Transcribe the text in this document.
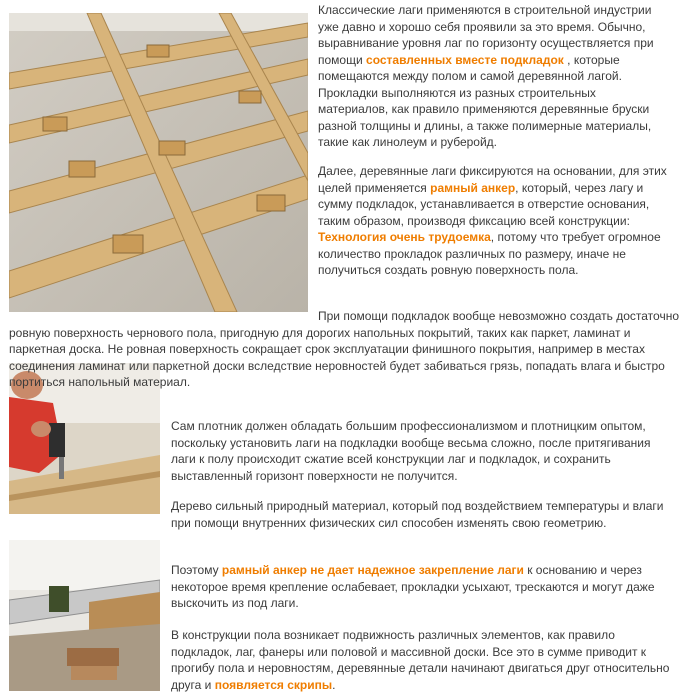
Классические лаги применяются в строительной индустрии уже давно и хорошо себя проявили за это время. Обычно, выравнивание уровня лаг по горизонту осуществляется при помощи составленных вместе подкладок , которые помещаются между полом и самой деревянной лагой. Прокладки выполняются из разных строительных материалов, как правило применяются деревянные бруски разной толщины и длины, а также полимерные материалы, такие как линолеум и руберойд.

Далее, деревянные лаги фиксируются на основании, для этих целей применяется рамный анкер, который, через лагу и сумму подкладок, устанавливается в отверстие основания, таким образом, производя фиксацию всей конструкции: Технология очень трудоемка, потому что требует огромное количество прокладок различных по размеру, иначе не получиться создать ровную поверхность пола.

При помощи подкладок вообще невозможно создать достаточно ровную поверхность чернового пола, пригодную для дорогих напольных покрытий, таких как паркет, ламинат и паркетная доска. Не ровная поверхность сокращает срок эксплуатации финишного покрытия, например в местах соединения ламинат или паркетной доски вследствие неровностей будет забиваться грязь, попадать влага и быстро портиться напольный материал.

Сам плотник должен обладать большим профессионализмом и плотницким опытом, поскольку установить лаги на подкладки вообще весьма сложно, после притягивания лаги к полу происходит сжатие всей конструкции лаг и подкладок, и сохранить выставленный горизонт поверхности не получится.

Дерево сильный природный материал, который под воздействием температуры и влаги при помощи внутренних физических сил способен изменять свою геометрию.

Поэтому рамный анкер не дает надежное закрепление лаги к основанию и через некоторое время крепление ослабевает, прокладки усыхают, трескаются и могут даже выскочить из под лаги.

В конструкции пола возникает подвижность различных элементов, как правило подкладок, лаг, фанеры или половой и массивной доски. Все это в сумме приводит к прогибу пола и неровностям, деревянные детали начинают двигаться друг относительно друга и появляется скрипы.
